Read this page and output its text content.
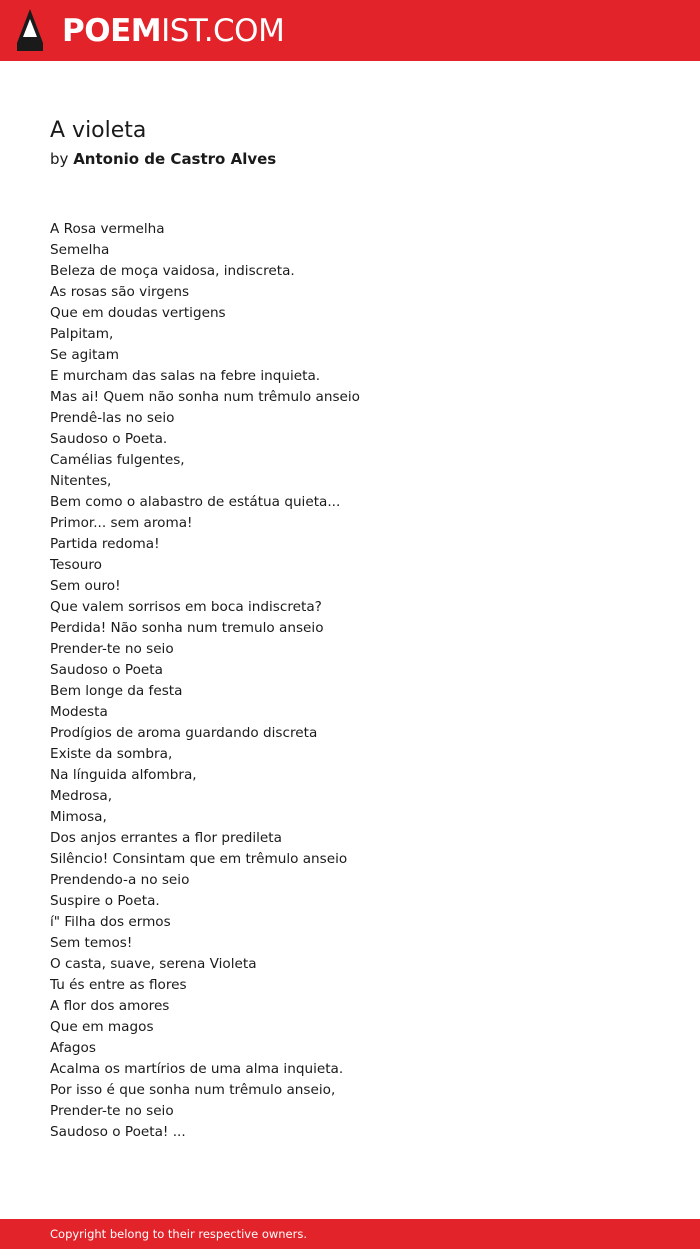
POEMIST.COM
A violeta
by Antonio de Castro Alves
A Rosa vermelha
Semelha
Beleza de moça vaidosa, indiscreta.
As rosas são virgens
Que em doudas vertigens
Palpitam,
Se agitam
E murcham das salas na febre inquieta.
Mas ai! Quem não sonha num trêmulo anseio
Prendê-las no seio
Saudoso o Poeta.
Camélias fulgentes,
Nitentes,
Bem como o alabastro de estátua quieta...
Primor... sem aroma!
Partida redoma!
Tesouro
Sem ouro!
Que valem sorrisos em boca indiscreta?
Perdida! Não sonha num tremulo anseio
Prender-te no seio
Saudoso o Poeta
Bem longe da festa
Modesta
Prodígios de aroma guardando discreta
Existe da sombra,
Na línguida alfombra,
Medrosa,
Mimosa,
Dos anjos errantes a flor predileta
Silêncio! Consintam que em trêmulo anseio
Prendendo-a no seio
Suspire o Poeta.
í" Filha dos ermos
Sem temos!
O casta, suave, serena Violeta
Tu és entre as flores
A flor dos amores
Que em magos
Afagos
Acalma os martírios de uma alma inquieta.
Por isso é que sonha num trêmulo anseio,
Prender-te no seio
Saudoso o Poeta! ...
Copyright belong to their respective owners.
